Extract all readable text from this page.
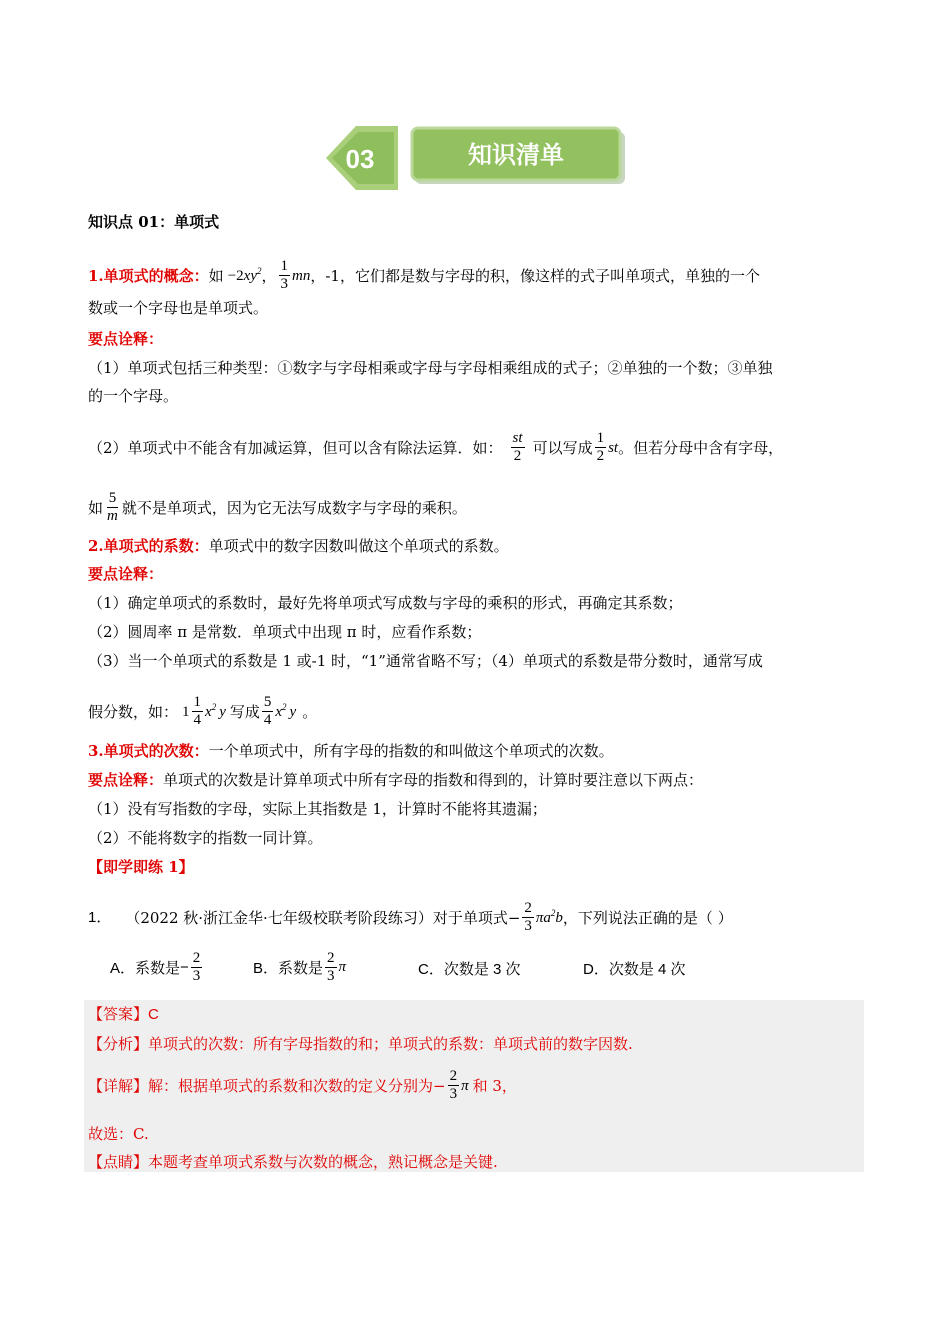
03	知识清单
知识点 01：单项式
1.单项式的概念： 如 $-2xy^2$ ， $\frac{1}{3}$ mn ，-1，它们都是数与字母的积，像这样的式子叫单项式，单独的一个
数或一个字母也是单项式。
要点诠释：
（1）单项式包括三种类型：①数字与字母相乘或字母与字母相乘组成的式子；②单独的一个数；③单独
的一个字母。
（2）单项式中不能含有加减运算，但可以含有除法运算．如： $\frac{st}{2}$ 可以写成 $\frac{1}{2}$ st 。但若分母中含有字母，
如 $\frac{5}{m}$ 就不是单项式，因为它无法写成数字与字母的乘积。
2.单项式的系数：单项式中的数字因数叫做这个单项式的系数。
要点诠释：
（1）确定单项式的系数时，最好先将单项式写成数与字母的乘积的形式，再确定其系数；
（2）圆周率 π 是常数．单项式中出现 π 时，应看作系数；
（3）当一个单项式的系数是 1 或-1 时，“1”通常省略不写；（4）单项式的系数是带分数时，通常写成
假分数，如： $1 \frac{1}{4} x^2$ y 写成 $\frac{5}{4} x^2$ y 。
3.单项式的次数：一个单项式中，所有字母的指数的和叫做这个单项式的次数。
要点诠释：单项式的次数是计算单项式中所有字母的指数和得到的，计算时要注意以下两点：
（1）没有写指数的字母，实际上其指数是 1，计算时不能将其遗漏；
（2）不能将数字的指数一同计算。
【即学即练 1】
1． （2022 秋·浙江金华·七年级校联考阶段练习）对于单项式 − $\frac{2}{3} \pi a^2b$ ，下列说法正确的是（ ）
A．系数是 − $\frac{2}{3}$	B．系数是 $\frac{2}{3}$ π	C．次数是 3 次	D．次数是 4 次
【答案】C
【分析】单项式的次数：所有字母指数的和；单项式的系数：单项式前的数字因数.
【详解】 解：根据单项式的系数和次数的定义分别为 − $\frac{2}{3}$ π 和 3，
故选：C.
【点睛】本题考查单项式系数与次数的概念，熟记概念是关键.
